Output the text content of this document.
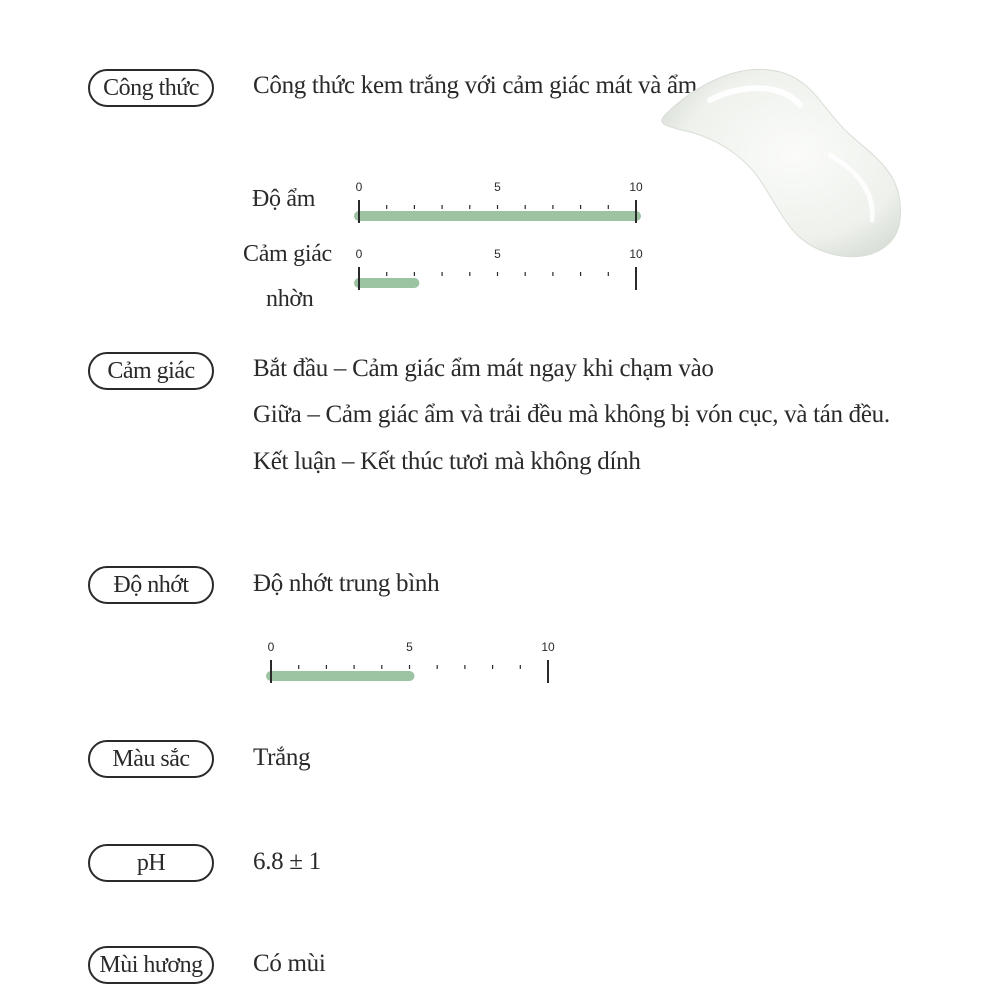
Công thức Công thức kem trắng với cảm giác mát và ẩm
Độ ẩm	0	5	10
Cảm giác
nhờn
0	5	10
Cảm giác Bắt đầu – Cảm giác ẩm mát ngay khi chạm vào
Giữa – Cảm giác ẩm và trải đều mà không bị vón cục, và tán đều.
Kết luận – Kết thúc tươi mà không dính
Độ nhớt	Độ nhớt trung bình
0	5	10
Màu sắc	Trắng
pH	6.8 ± 1
Mùi hương Có mùi
